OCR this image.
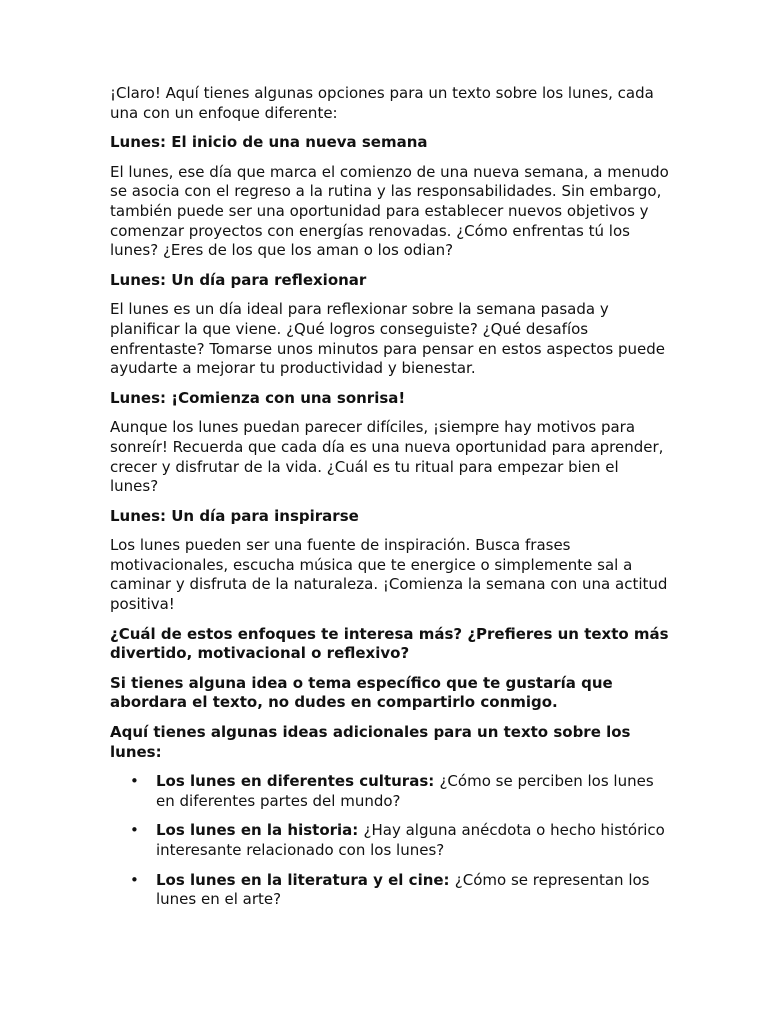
¡Claro! Aquí tienes algunas opciones para un texto sobre los lunes, cada una con un enfoque diferente:

Lunes: El inicio de una nueva semana

El lunes, ese día que marca el comienzo de una nueva semana, a menudo se asocia con el regreso a la rutina y las responsabilidades. Sin embargo, también puede ser una oportunidad para establecer nuevos objetivos y comenzar proyectos con energías renovadas. ¿Cómo enfrentas tú los lunes? ¿Eres de los que los aman o los odian?

Lunes: Un día para reflexionar

El lunes es un día ideal para reflexionar sobre la semana pasada y planificar la que viene. ¿Qué logros conseguiste? ¿Qué desafíos enfrentaste? Tomarse unos minutos para pensar en estos aspectos puede ayudarte a mejorar tu productividad y bienestar.

Lunes: ¡Comienza con una sonrisa!

Aunque los lunes puedan parecer difíciles, ¡siempre hay motivos para sonreír! Recuerda que cada día es una nueva oportunidad para aprender, crecer y disfrutar de la vida. ¿Cuál es tu ritual para empezar bien el lunes?

Lunes: Un día para inspirarse

Los lunes pueden ser una fuente de inspiración. Busca frases motivacionales, escucha música que te energice o simplemente sal a caminar y disfruta de la naturaleza. ¡Comienza la semana con una actitud positiva!

¿Cuál de estos enfoques te interesa más? ¿Prefieres un texto más divertido, motivacional o reflexivo?

Si tienes alguna idea o tema específico que te gustaría que abordara el texto, no dudes en compartirlo conmigo.

Aquí tienes algunas ideas adicionales para un texto sobre los lunes:

• Los lunes en diferentes culturas: ¿Cómo se perciben los lunes en diferentes partes del mundo?
• Los lunes en la historia: ¿Hay alguna anécdota o hecho histórico interesante relacionado con los lunes?
• Los lunes en la literatura y el cine: ¿Cómo se representan los lunes en el arte?
